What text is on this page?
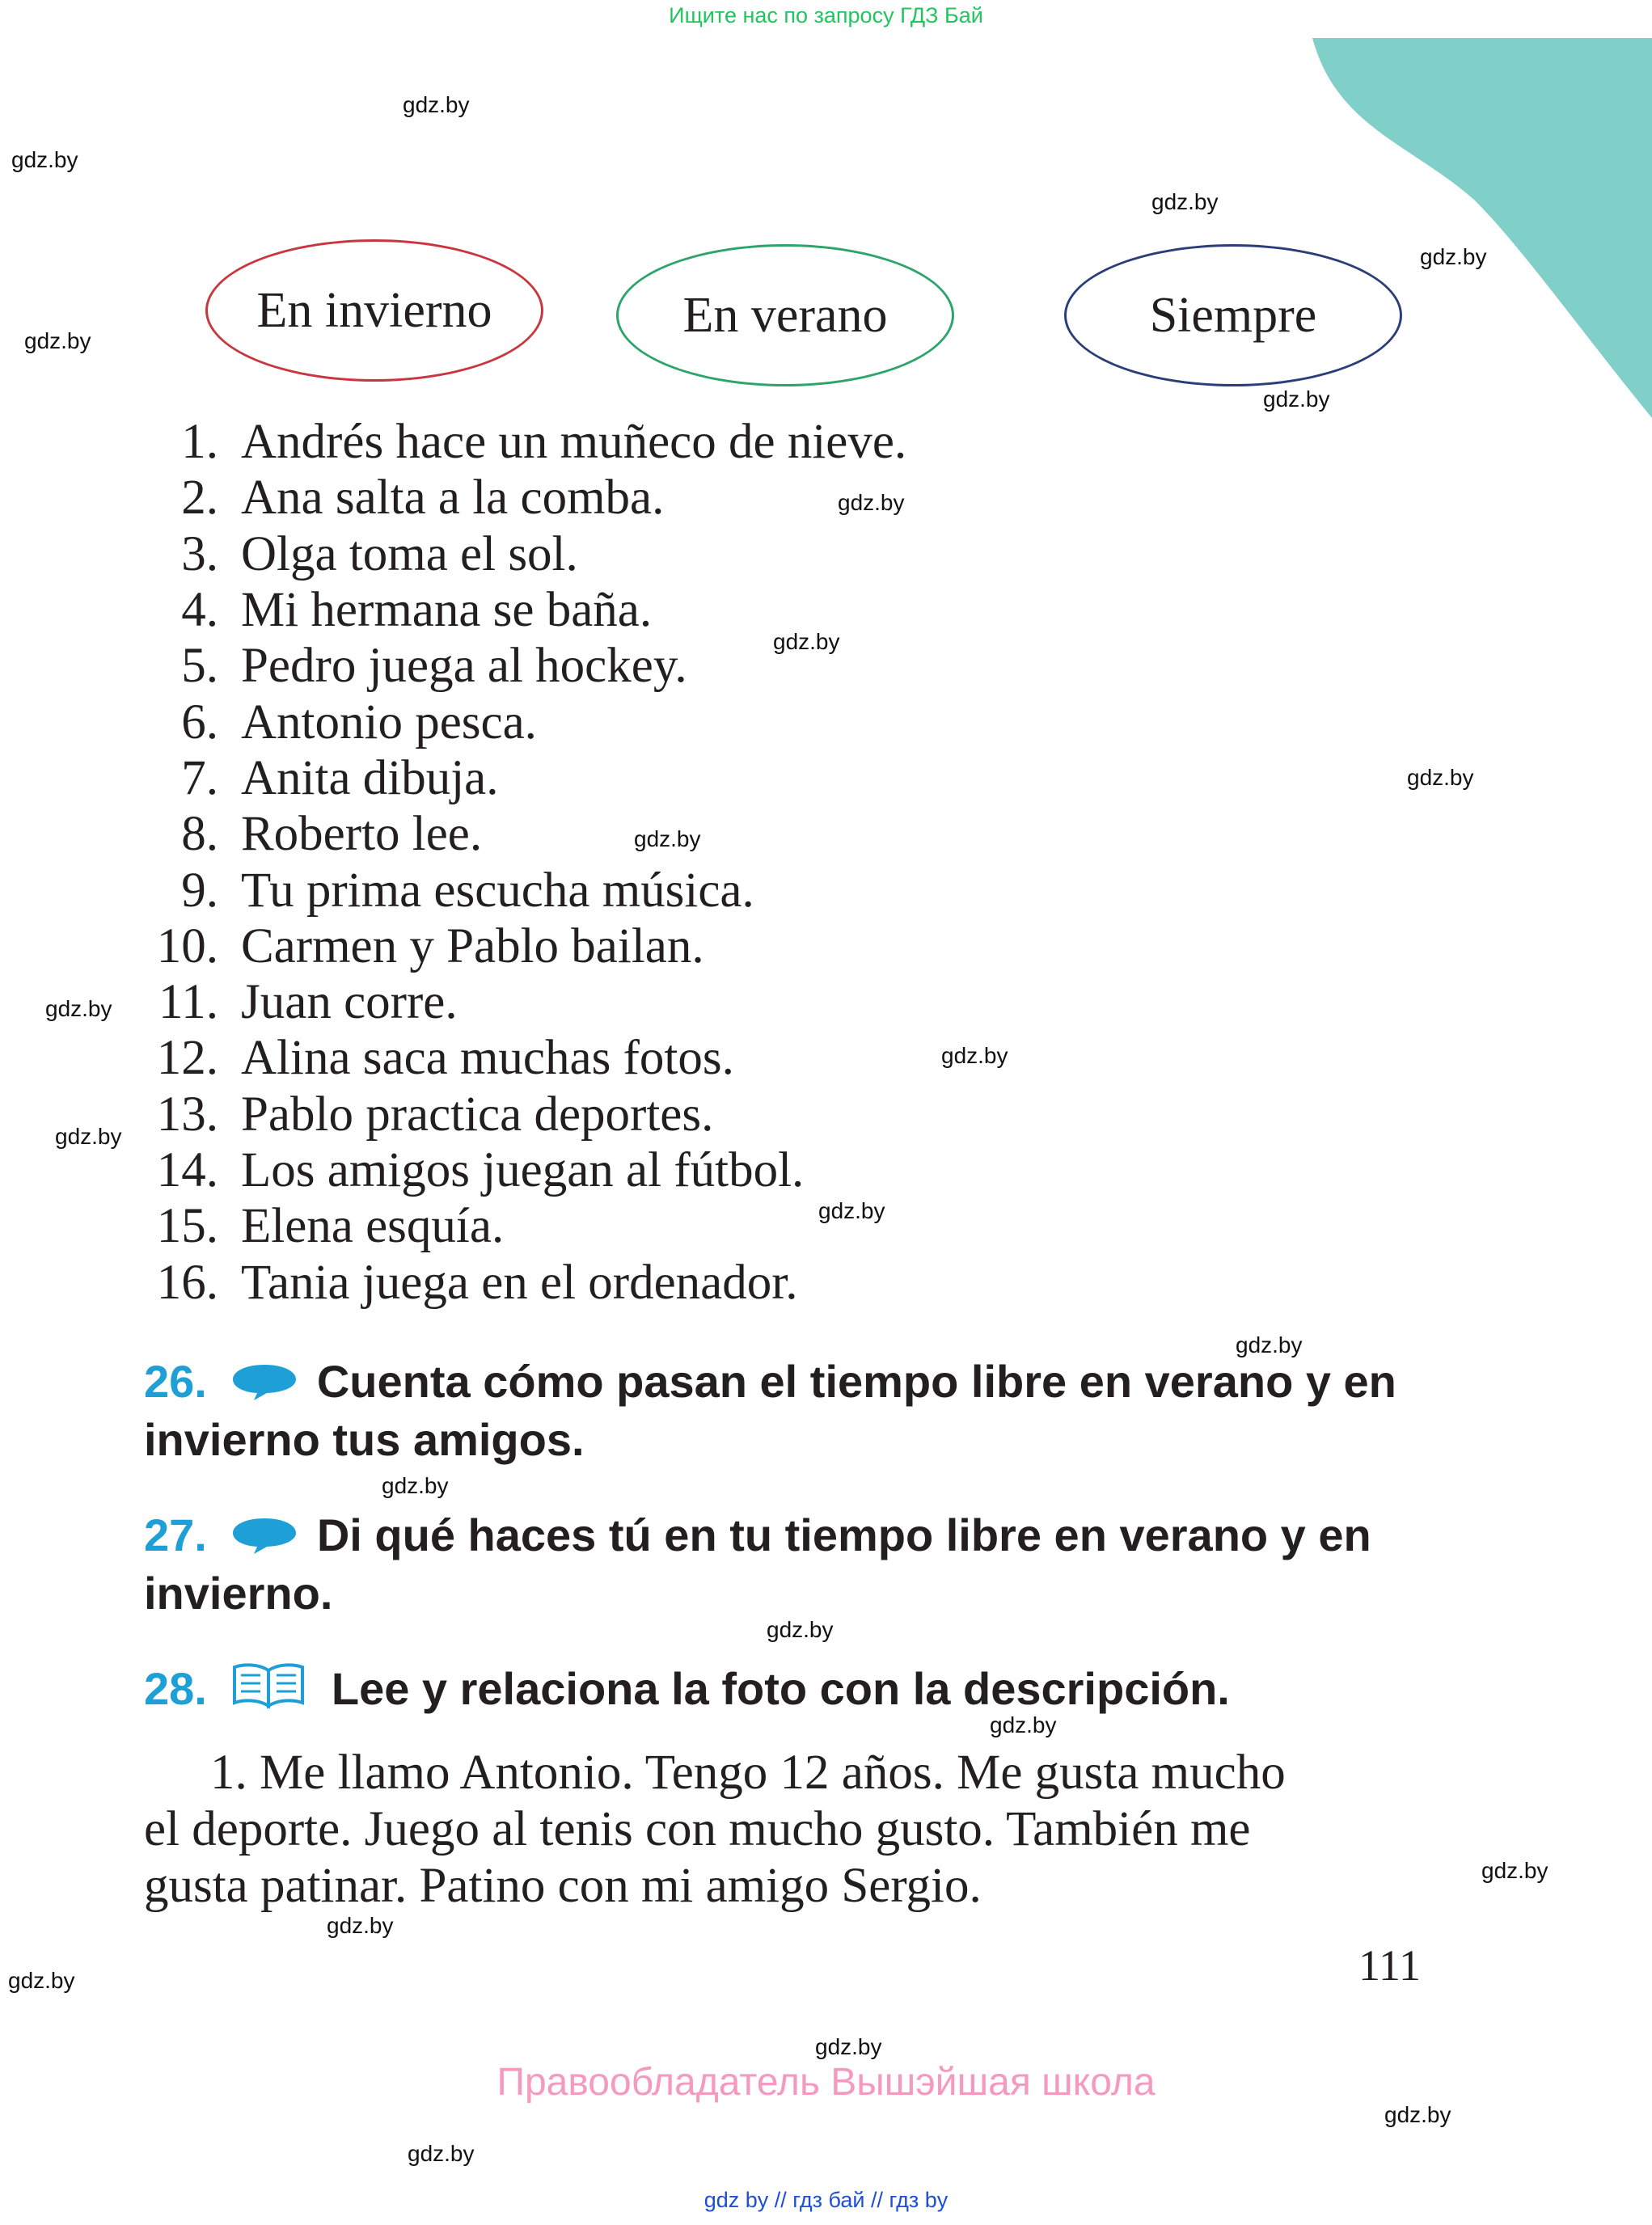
Ищите нас по запросу ГДЗ Бай
En invierno	En verano	Siempre
1. Andrés hace un muñeco de nieve.
2. Ana salta a la comba.
3. Olga toma el sol.
4. Mi hermana se baña.
5. Pedro juega al hockey.
6. Antonio pesca.
7. Anita dibuja.
8. Roberto lee.
9. Tu prima escucha música.
10. Carmen y Pablo bailan.
11. Juan corre.
12. Alina saca muchas fotos.
13. Pablo practica deportes.
14. Los amigos juegan al fútbol.
15. Elena esquía.
16. Tania juega en el ordenador.
26. Cuenta cómo pasan el tiempo libre en verano y en
invierno tus amigos.
27. Di qué haces tú en tu tiempo libre en verano y en
invierno.
28.	Lee y relaciona la foto con la descripción.
1. Me llamo Antonio. Tengo 12 años. Me gusta mucho
el deporte. Juego al tenis con mucho gusto. También me
gusta patinar. Patino con mi amigo Sergio.
111
Правообладатель Вышэйшая школа
gdz by // гдз бай // гдз by
gdz.by
gdz.by
gdz.by
gdz.by
gdz.by
gdz.by
gdz.by
gdz.by
gdz.by
gdz.by
gdz.by
gdz.by
gdz.by
gdz.by
gdz.by
gdz.by
gdz.by
gdz.by
gdz.by
gdz.by
gdz.by
gdz.by
gdz.by
gdz.by
